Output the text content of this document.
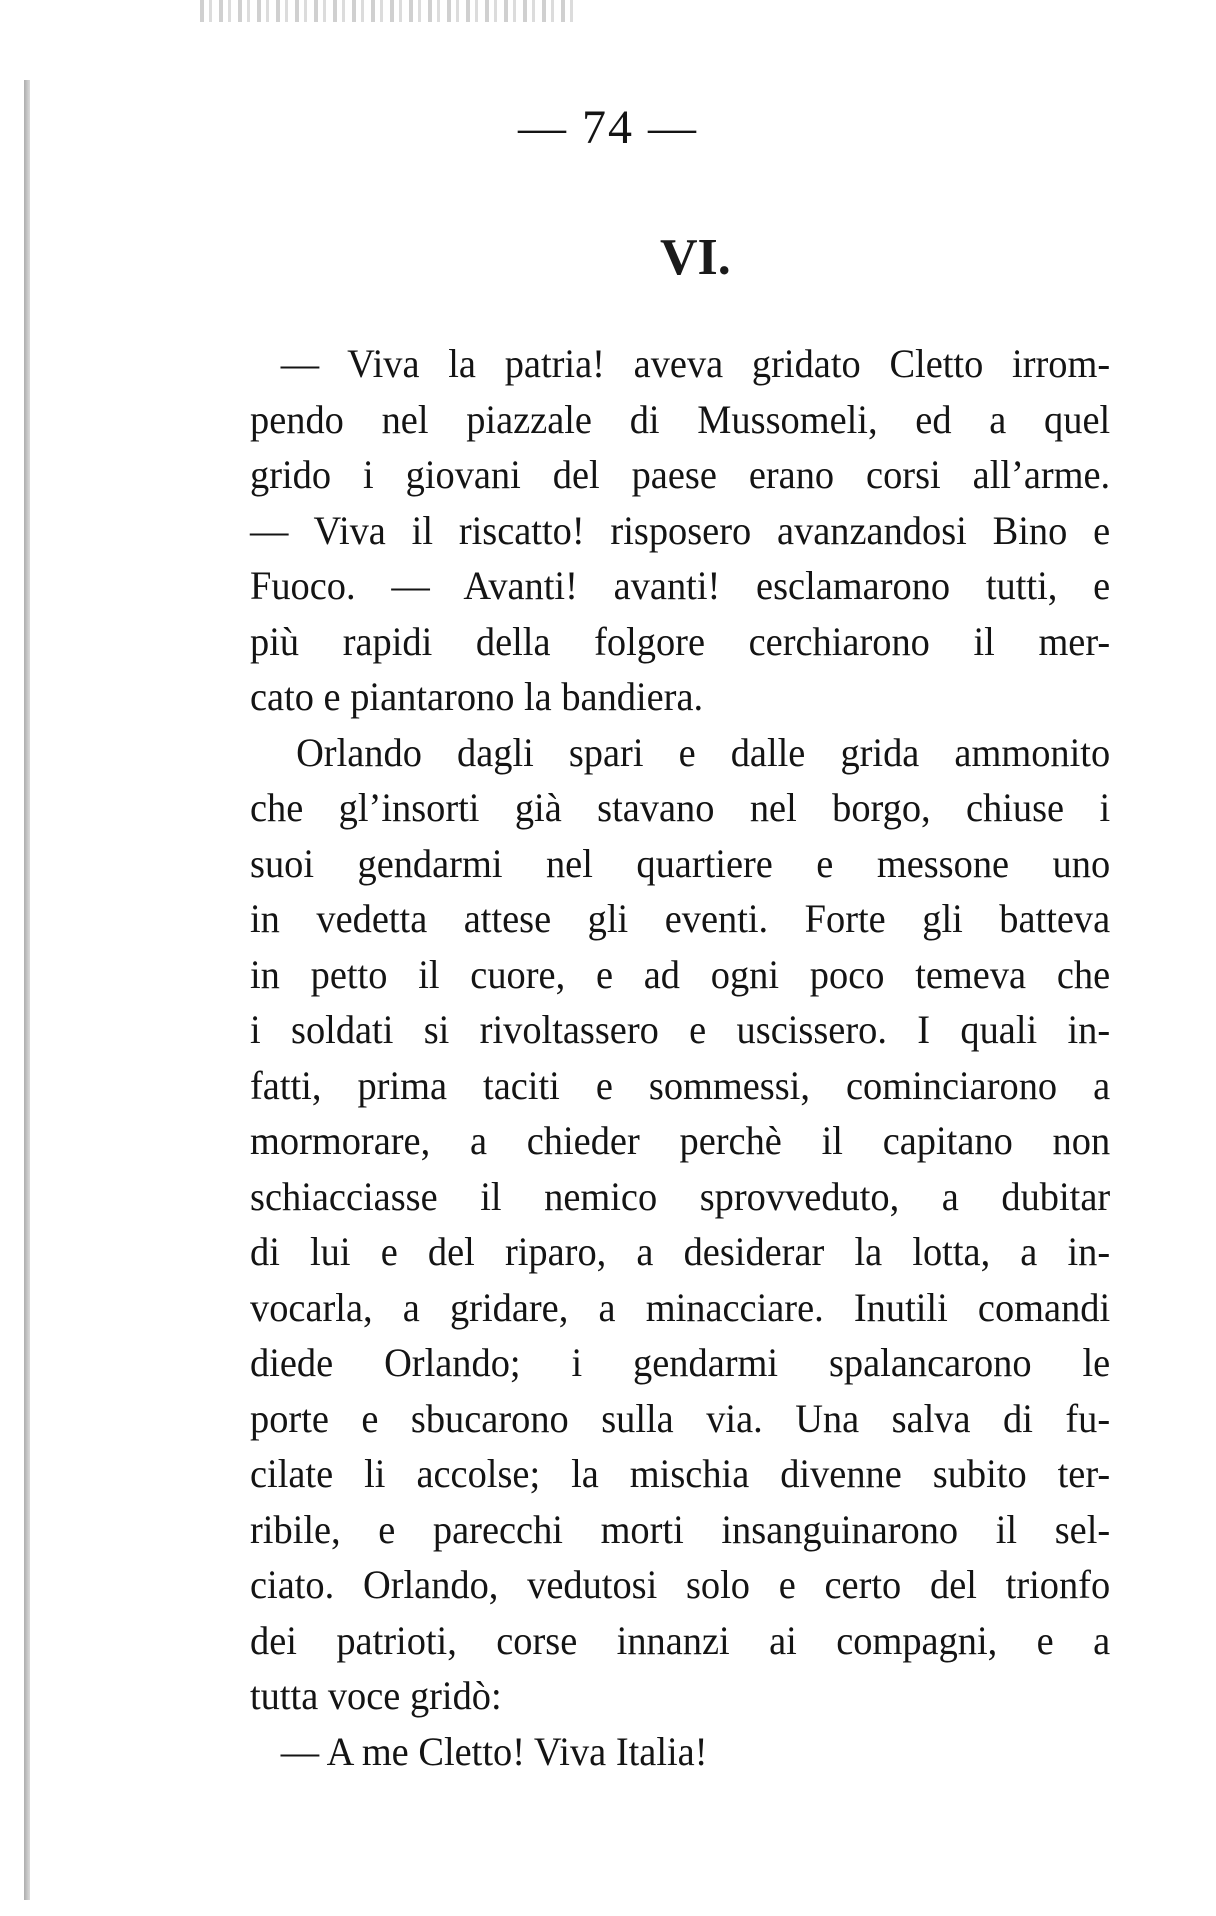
— 74 —
VI.
— Viva la patria! aveva gridato Cletto irrom-
pendo nel piazzale di Mussomeli, ed a quel
grido i giovani del paese erano corsi all’arme.
— Viva il riscatto! risposero avanzandosi Bino e
Fuoco. — Avanti! avanti! esclamarono tutti, e
più rapidi della folgore cerchiarono il mer-
cato e piantarono la bandiera.
Orlando dagli spari e dalle grida ammonito
che gl’insorti già stavano nel borgo, chiuse i
suoi gendarmi nel quartiere e messone uno
in vedetta attese gli eventi. Forte gli batteva
in petto il cuore, e ad ogni poco temeva che
i soldati si rivoltassero e uscissero. I quali in-
fatti, prima taciti e sommessi, cominciarono a
mormorare, a chieder perchè il capitano non
schiacciasse il nemico sprovveduto, a dubitar
di lui e del riparo, a desiderar la lotta, a in-
vocarla, a gridare, a minacciare. Inutili comandi
diede Orlando; i gendarmi spalancarono le
porte e sbucarono sulla via. Una salva di fu-
cilate li accolse; la mischia divenne subito ter-
ribile, e parecchi morti insanguinarono il sel-
ciato. Orlando, vedutosi solo e certo del trionfo
dei patrioti, corse innanzi ai compagni, e a
tutta voce gridò:
— A me Cletto! Viva Italia!
